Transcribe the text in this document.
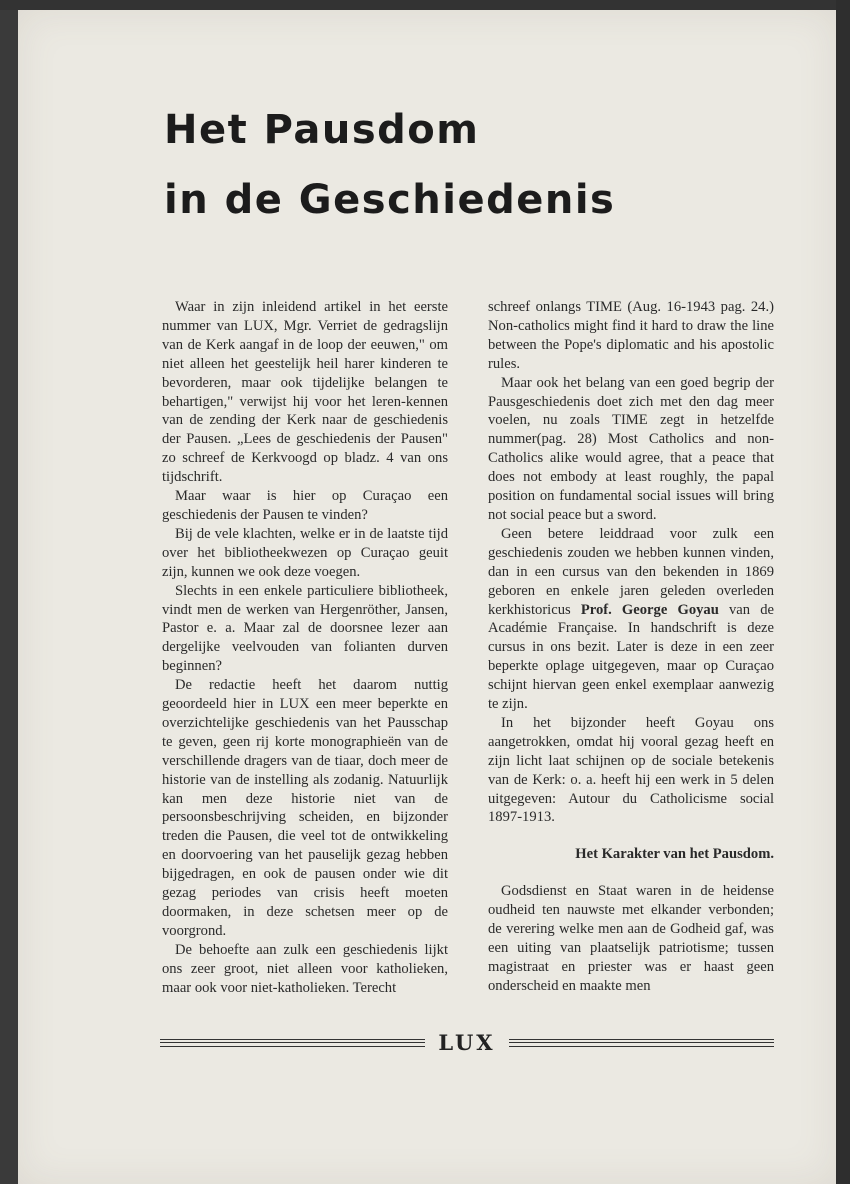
Het Pausdom
in de Geschiedenis

Waar in zijn inleidend artikel in het eerste nummer van LUX, Mgr. Verriet de gedragslijn van de Kerk aangaf in de loop der eeuwen," om niet alleen het geestelijk heil harer kinderen te bevorderen, maar ook tijdelijke belangen te behartigen," verwijst hij voor het leren-kennen van de zending der Kerk naar de geschiedenis der Pausen. „Lees de geschiedenis der Pausen" zo schreef de Kerkvoogd op bladz. 4 van ons tijdschrift.

Maar waar is hier op Curaçao een geschiedenis der Pausen te vinden?

Bij de vele klachten, welke er in de laatste tijd over het bibliotheekwezen op Curaçao geuit zijn, kunnen we ook deze voegen.

Slechts in een enkele particuliere bibliotheek, vindt men de werken van Hergenröther, Jansen, Pastor e. a. Maar zal de doorsnee lezer aan dergelijke veelvouden van folianten durven beginnen?

De redactie heeft het daarom nuttig geoordeeld hier in LUX een meer beperkte en overzichtelijke geschiedenis van het Pausschap te geven, geen rij korte monographieën van de verschillende dragers van de tiaar, doch meer de historie van de instelling als zodanig. Natuurlijk kan men deze historie niet van de persoonsbeschrijving scheiden, en bijzonder treden die Pausen, die veel tot de ontwikkeling en doorvoering van het pauselijk gezag hebben bijgedragen, en ook de pausen onder wie dit gezag periodes van crisis heeft moeten doormaken, in deze schetsen meer op de voorgrond.

De behoefte aan zulk een geschiedenis lijkt ons zeer groot, niet alleen voor katholieken, maar ook voor niet-katholieken. Terecht

schreef onlangs TIME (Aug. 16-1943 pag. 24.) Non-catholics might find it hard to draw the line between the Pope's diplomatic and his apostolic rules.

Maar ook het belang van een goed begrip der Pausgeschiedenis doet zich met den dag meer voelen, nu zoals TIME zegt in hetzelfde nummer(pag. 28) Most Catholics and non-Catholics alike would agree, that a peace that does not embody at least roughly, the papal position on fundamental social issues will bring not social peace but a sword.

Geen betere leiddraad voor zulk een geschiedenis zouden we hebben kunnen vinden, dan in een cursus van den bekenden in 1869 geboren en enkele jaren geleden overleden kerkhistoricus Prof. George Goyau van de Académie Française. In handschrift is deze cursus in ons bezit. Later is deze in een zeer beperkte oplage uitgegeven, maar op Curaçao schijnt hiervan geen enkel exemplaar aanwezig te zijn.

In het bijzonder heeft Goyau ons aangetrokken, omdat hij vooral gezag heeft en zijn licht laat schijnen op de sociale betekenis van de Kerk: o. a. heeft hij een werk in 5 delen uitgegeven: Autour du Catholicisme social 1897-1913.

Het Karakter van het Pausdom.

Godsdienst en Staat waren in de heidense oudheid ten nauwste met elkander verbonden; de verering welke men aan de Godheid gaf, was een uiting van plaatselijk patriotisme; tussen magistraat en priester was er haast geen onderscheid en maakte men

LUX
